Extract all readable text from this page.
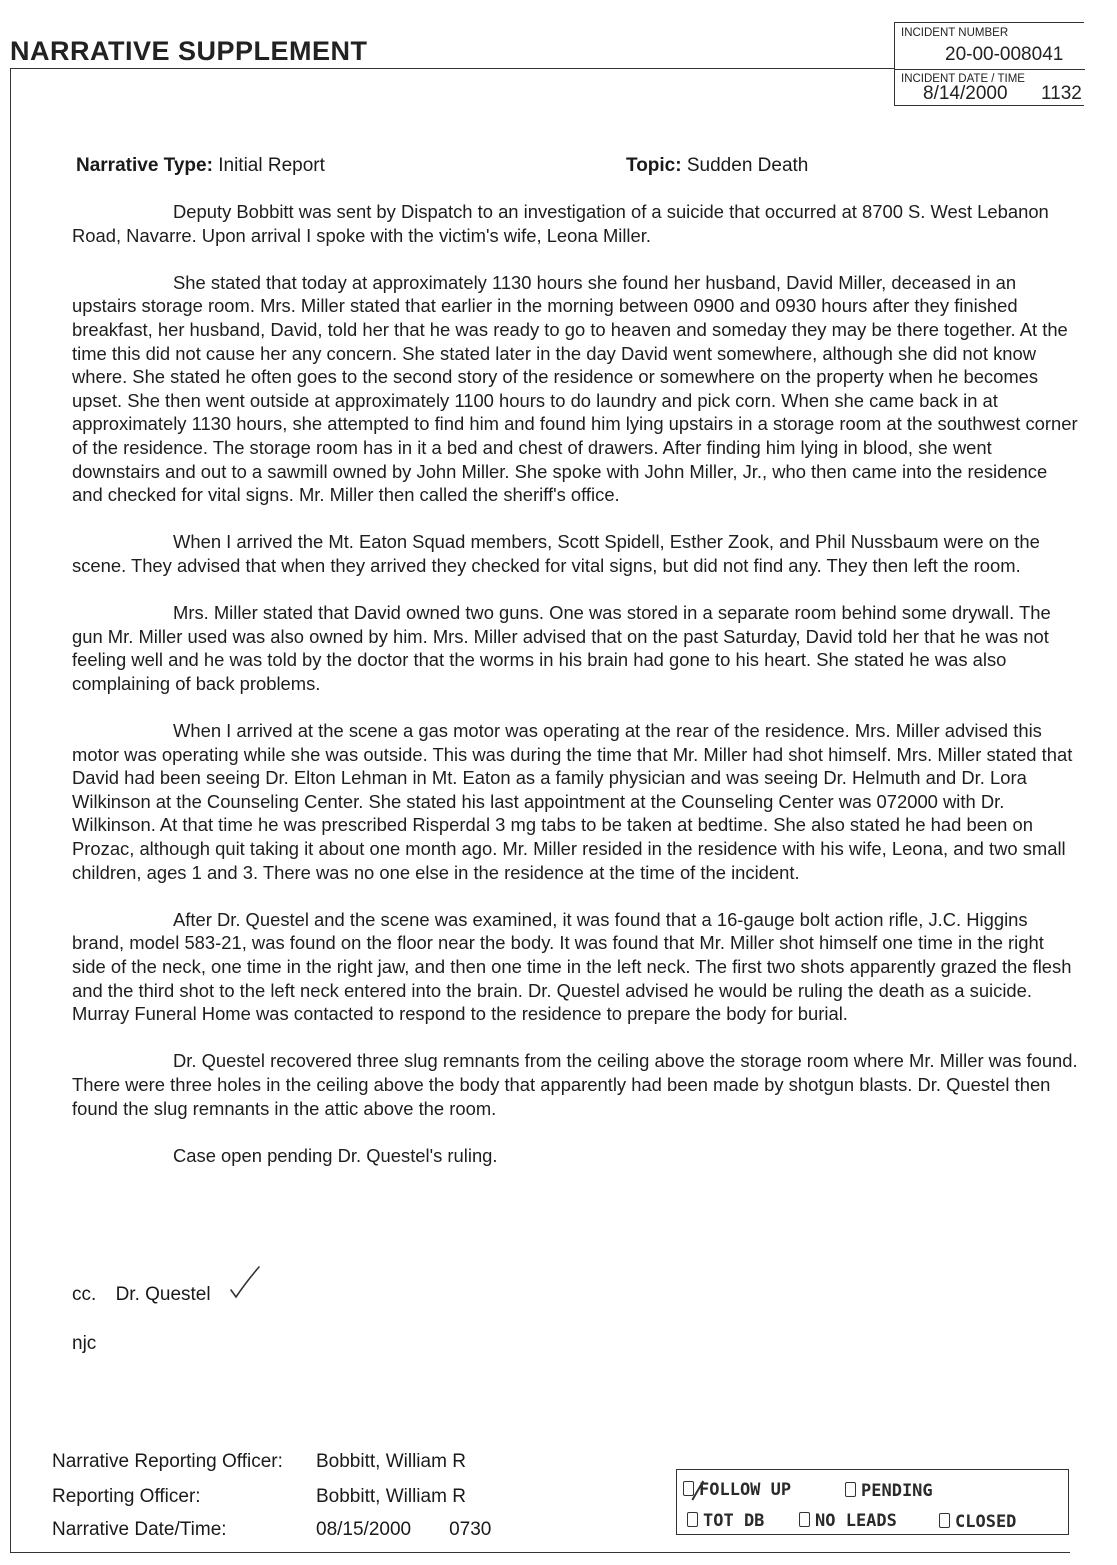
NARRATIVE SUPPLEMENT
INCIDENT NUMBER
20-00-008041
INCIDENT DATE / TIME
8/14/2000 1132
Narrative Type: Initial Report	Topic: Sudden Death

Deputy Bobbitt was sent by Dispatch to an investigation of a suicide that occurred at 8700 S. West Lebanon Road, Navarre. Upon arrival I spoke with the victim's wife, Leona Miller.

She stated that today at approximately 1130 hours she found her husband, David Miller, deceased in an upstairs storage room. Mrs. Miller stated that earlier in the morning between 0900 and 0930 hours after they finished breakfast, her husband, David, told her that he was ready to go to heaven and someday they may be there together. At the time this did not cause her any concern. She stated later in the day David went somewhere, although she did not know where. She stated he often goes to the second story of the residence or somewhere on the property when he becomes upset. She then went outside at approximately 1100 hours to do laundry and pick corn. When she came back in at approximately 1130 hours, she attempted to find him and found him lying upstairs in a storage room at the southwest corner of the residence. The storage room has in it a bed and chest of drawers. After finding him lying in blood, she went downstairs and out to a sawmill owned by John Miller. She spoke with John Miller, Jr., who then came into the residence and checked for vital signs. Mr. Miller then called the sheriff's office.

When I arrived the Mt. Eaton Squad members, Scott Spidell, Esther Zook, and Phil Nussbaum were on the scene. They advised that when they arrived they checked for vital signs, but did not find any. They then left the room.

Mrs. Miller stated that David owned two guns. One was stored in a separate room behind some drywall. The gun Mr. Miller used was also owned by him. Mrs. Miller advised that on the past Saturday, David told her that he was not feeling well and he was told by the doctor that the worms in his brain had gone to his heart. She stated he was also complaining of back problems.

When I arrived at the scene a gas motor was operating at the rear of the residence. Mrs. Miller advised this motor was operating while she was outside. This was during the time that Mr. Miller had shot himself. Mrs. Miller stated that David had been seeing Dr. Elton Lehman in Mt. Eaton as a family physician and was seeing Dr. Helmuth and Dr. Lora Wilkinson at the Counseling Center. She stated his last appointment at the Counseling Center was 072000 with Dr. Wilkinson. At that time he was prescribed Risperdal 3 mg tabs to be taken at bedtime. She also stated he had been on Prozac, although quit taking it about one month ago. Mr. Miller resided in the residence with his wife, Leona, and two small children, ages 1 and 3. There was no one else in the residence at the time of the incident.

After Dr. Questel and the scene was examined, it was found that a 16-gauge bolt action rifle, J.C. Higgins brand, model 583-21, was found on the floor near the body. It was found that Mr. Miller shot himself one time in the right side of the neck, one time in the right jaw, and then one time in the left neck. The first two shots apparently grazed the flesh and the third shot to the left neck entered into the brain. Dr. Questel advised he would be ruling the death as a suicide. Murray Funeral Home was contacted to respond to the residence to prepare the body for burial.

Dr. Questel recovered three slug remnants from the ceiling above the storage room where Mr. Miller was found. There were three holes in the ceiling above the body that apparently had been made by shotgun blasts. Dr. Questel then found the slug remnants in the attic above the room.

Case open pending Dr. Questel's ruling.

cc. Dr. Questel
njc
Narrative Reporting Officer: Bobbitt, William R
Reporting Officer:	Bobbitt, William R
Narrative Date/Time:	08/15/2000 0730
FOLLOW UP	PENDING
TOT DB	NO LEADS	CLOSED
